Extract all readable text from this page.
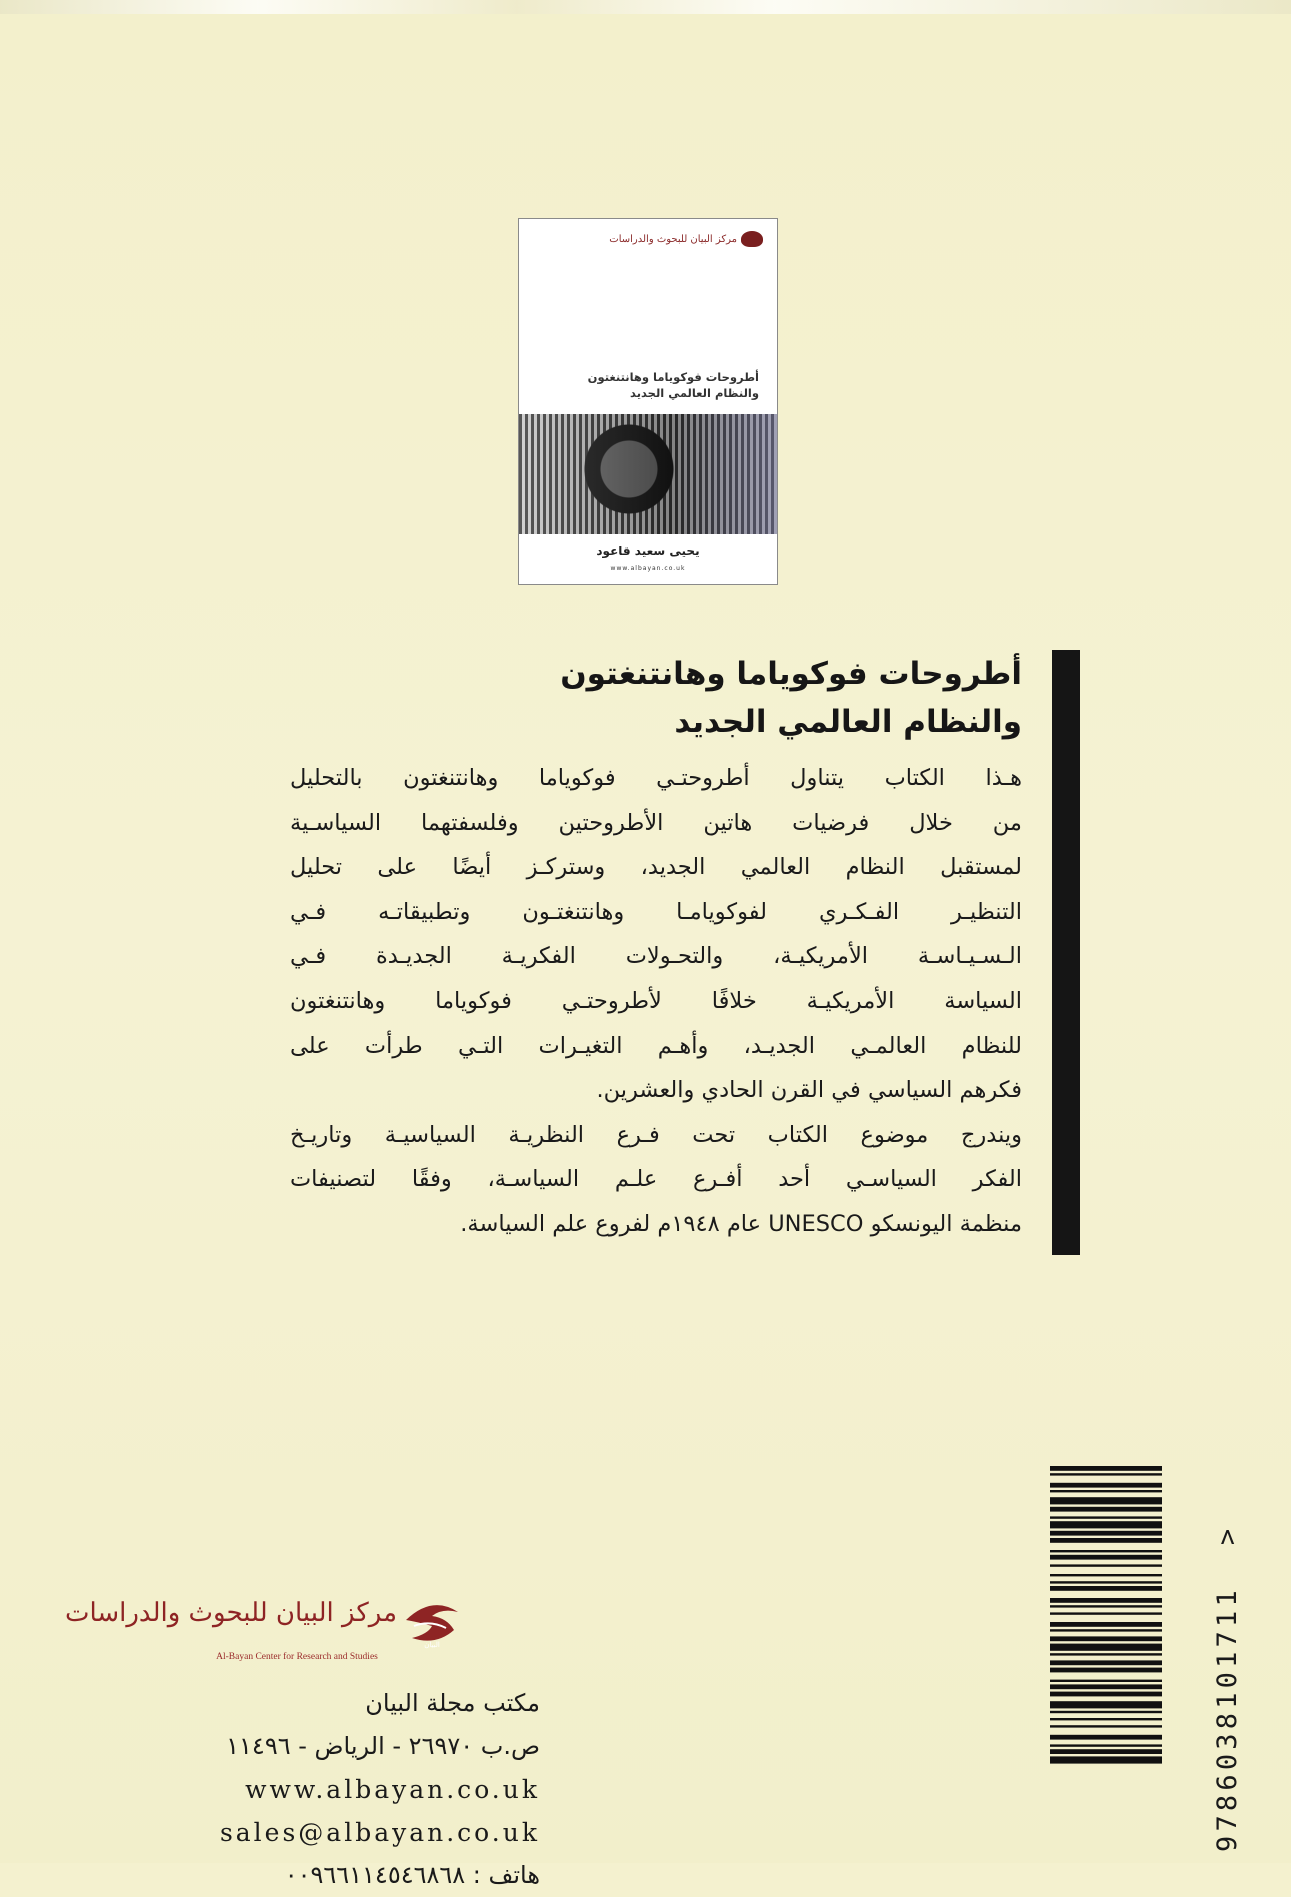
مركز البيان للبحوث والدراسات
أطروحات فوكوياما وهانتنغتون
والنظام العالمي الجديد
يحيى سعيد قاعود
www.albayan.co.uk
أطروحات فوكوياما وهانتنغتون
والنظام العالمي الجديد
هـذا الكتاب يتناول أطروحتـي فوكوياما وهانتنغتون بالتحليل
من خلال فرضيات هاتين الأطروحتين وفلسفتهما السياسـية
لمستقبل النظام العالمي الجديد، وستركـز أيضًا على تحليل
التنظيـر الفـكـري لفوكويامـا وهانتنغتـون وتطبيقاتـه فـي
الـسـيـاسـة الأمريكيـة، والتحـولات الفكريـة الجديـدة فـي
السياسة الأمريكيـة خلافًا لأطروحتـي فوكوياما وهانتنغتون
للنظام العالمـي الجديـد، وأهـم التغيـرات التـي طرأت على
فكرهم السياسي في القرن الحادي والعشرين.
ويندرج موضوع الكتاب تحت فـرع النظريـة السياسيـة وتاريـخ
الفكر السياسـي أحد أفـرع علـم السياسـة، وفقًا لتصنيفات
منظمة اليونسكو UNESCO عام ١٩٤٨م لفروع علم السياسة.
البيان
مركز البيان للبحوث والدراسات
Al-Bayan Center for Research and Studies
مكتب مجلة البيان
ص.ب ٢٦٩٧٠ - الرياض - ١١٤٩٦
www.albayan.co.uk
sales@albayan.co.uk
هاتف : ٠٠٩٦٦١١٤٥٤٦٨٦٨
9786038101711  >
